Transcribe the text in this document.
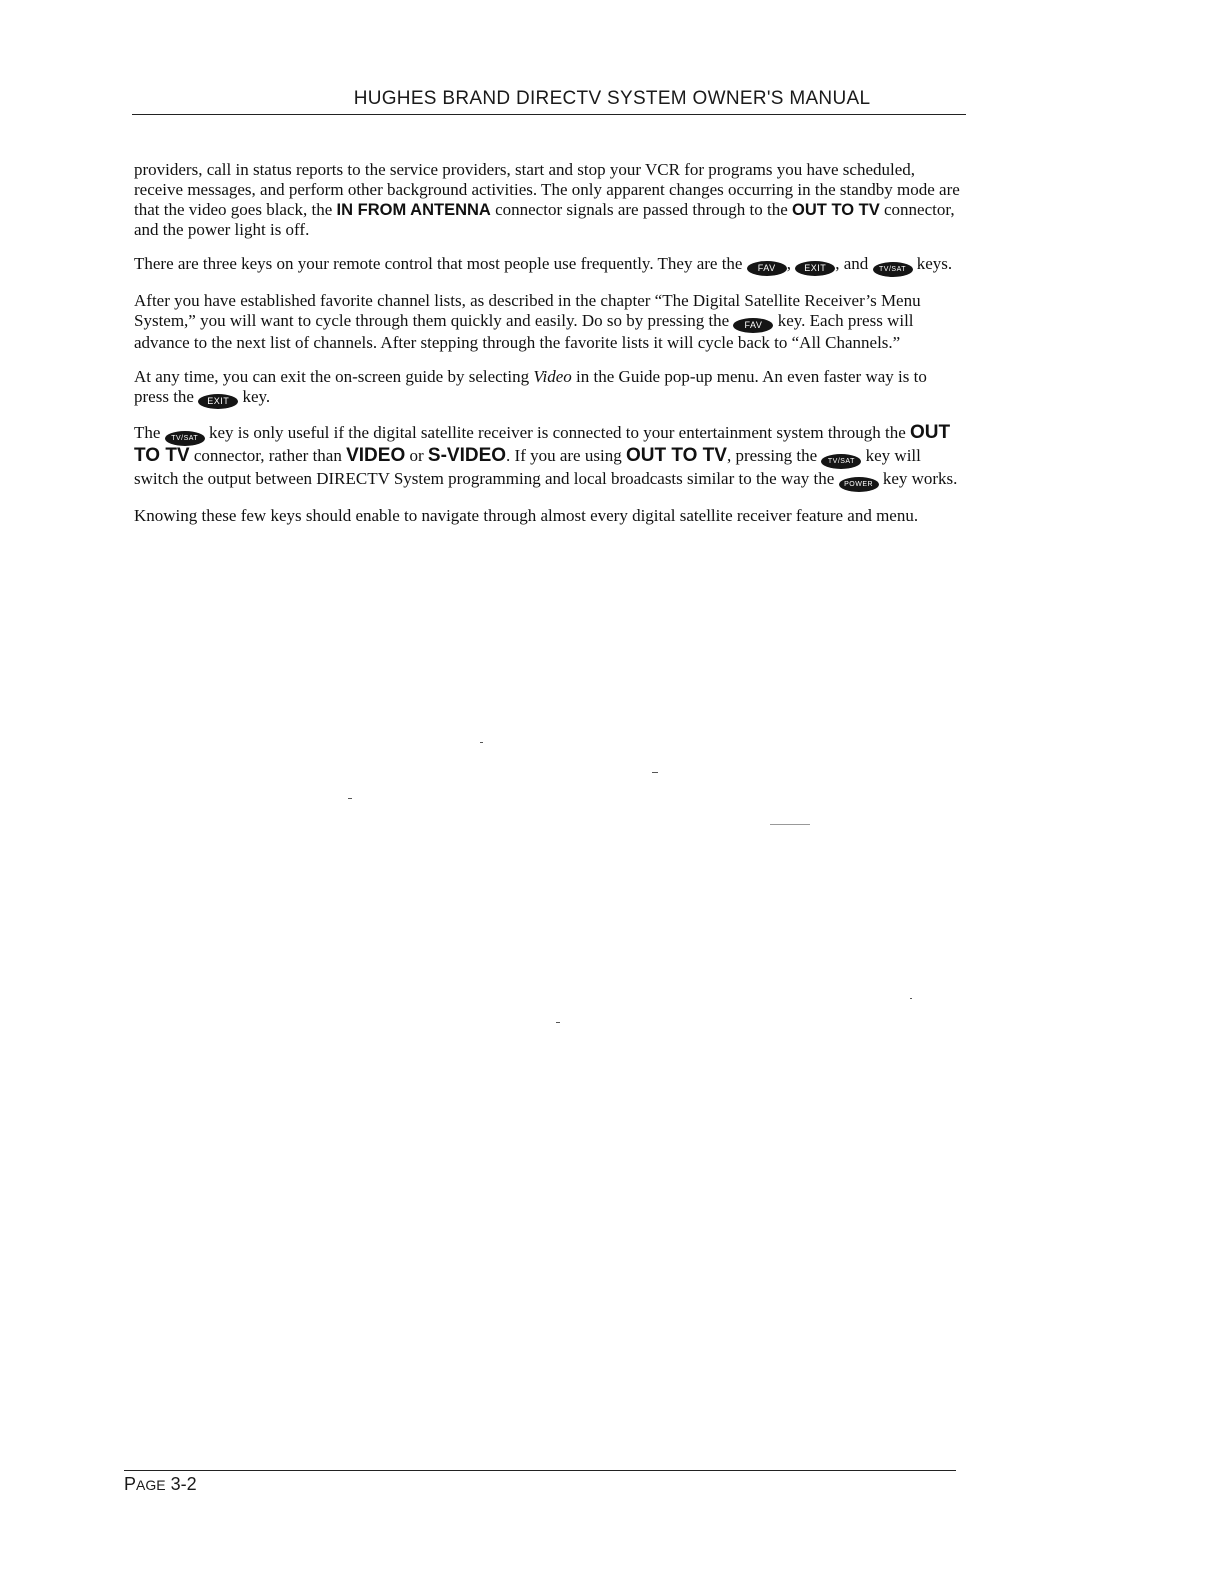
HUGHES BRAND DIRECTV SYSTEM OWNER'S MANUAL

providers, call in status reports to the service providers, start and stop your VCR for programs you have scheduled, receive messages, and perform other background activities. The only apparent changes occurring in the standby mode are that the video goes black, the IN FROM ANTENNA connector signals are passed through to the OUT TO TV connector, and the power light is off.

There are three keys on your remote control that most people use frequently. They are the FAV , EXIT , and TV/SAT keys.

After you have established favorite channel lists, as described in the chapter “The Digital Satellite Receiver’s Menu System,” you will want to cycle through them quickly and easily. Do so by pressing the FAV key. Each press will advance to the next list of channels. After stepping through the favorite lists it will cycle back to “All Channels.”

At any time, you can exit the on-screen guide by selecting Video in the Guide pop-up menu. An even faster way is to press the EXIT key.

The TV/SAT key is only useful if the digital satellite receiver is connected to your entertainment system through the OUT TO TV connector, rather than VIDEO or S-VIDEO. If you are using OUT TO TV, pressing the TV/SAT key will switch the output between DIRECTV System programming and local broadcasts similar to the way the POWER key works.

Knowing these few keys should enable to navigate through almost every digital satellite receiver feature and menu.

PAGE 3-2
